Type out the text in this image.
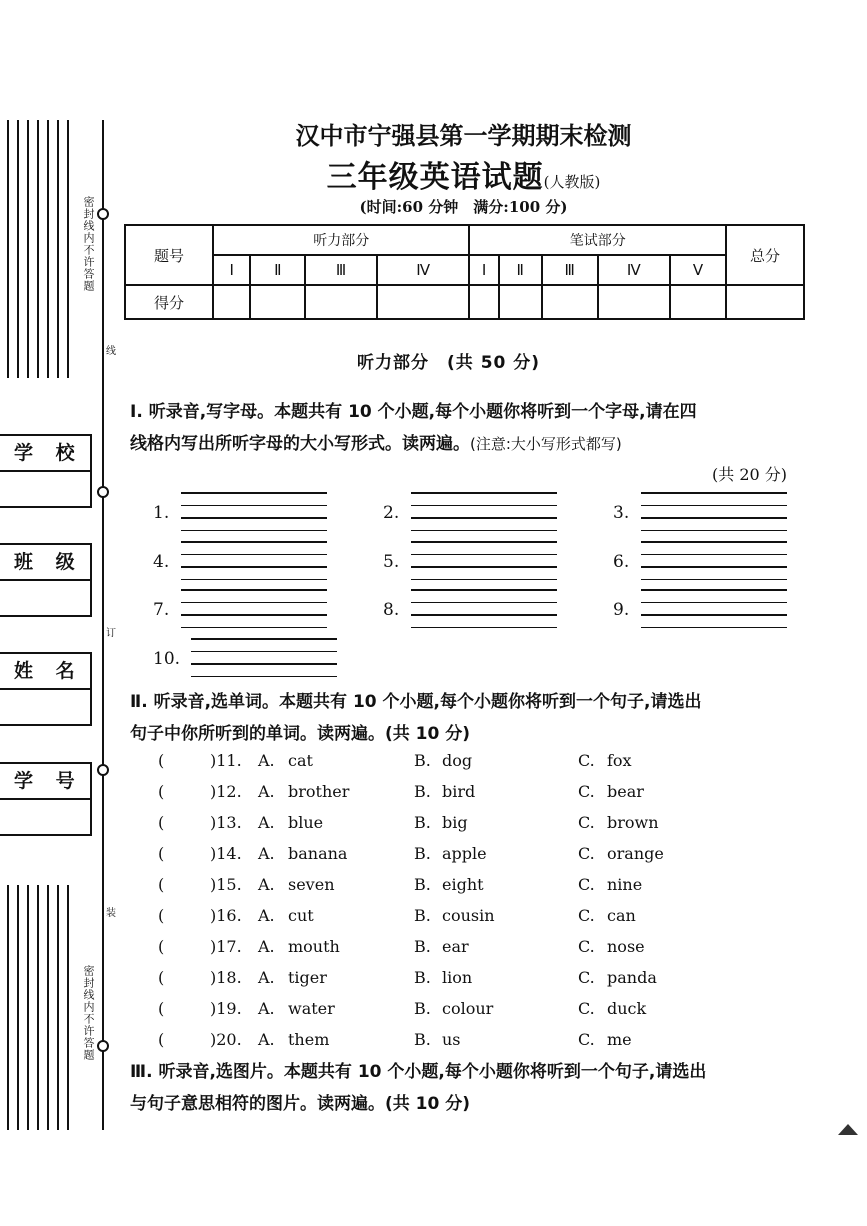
密封线内不许答题
密封线内不许答题
线
订
装
学 校
班 级
姓 名
学 号
汉中市宁强县第一学期期末检测
三年级英语试题(人教版)
(时间:60 分钟　满分:100 分)
题号	听力部分				笔试部分					总分
	Ⅰ	Ⅱ	Ⅲ	Ⅳ	Ⅰ	Ⅱ	Ⅲ	Ⅳ	Ⅴ	
得分										
听力部分　(共 50 分)
Ⅰ. 听录音,写字母。本题共有 10 个小题,每个小题你将听到一个字母,请在四
线格内写出所听字母的大小写形式。读两遍。(注意:大小写形式都写)
(共 20 分)
1.	2.	3.
4.	5.	6.
7.	8.	9.
10.
Ⅱ. 听录音,选单词。本题共有 10 个小题,每个小题你将听到一个句子,请选出
句子中你所听到的单词。读两遍。(共 10 分)
(	)11. A. cat	B. dog	C. fox
(	)12. A. brother	B. bird	C. bear
(	)13. A. blue	B. big	C. brown
(	)14. A. banana	B. apple	C. orange
(	)15. A. seven	B. eight	C. nine
(	)16. A. cut	B. cousin	C. can
(	)17. A. mouth	B. ear	C. nose
(	)18. A. tiger	B. lion	C. panda
(	)19. A. water	B. colour	C. duck
(	)20. A. them	B. us	C. me
Ⅲ. 听录音,选图片。本题共有 10 个小题,每个小题你将听到一个句子,请选出
与句子意思相符的图片。读两遍。(共 10 分)
